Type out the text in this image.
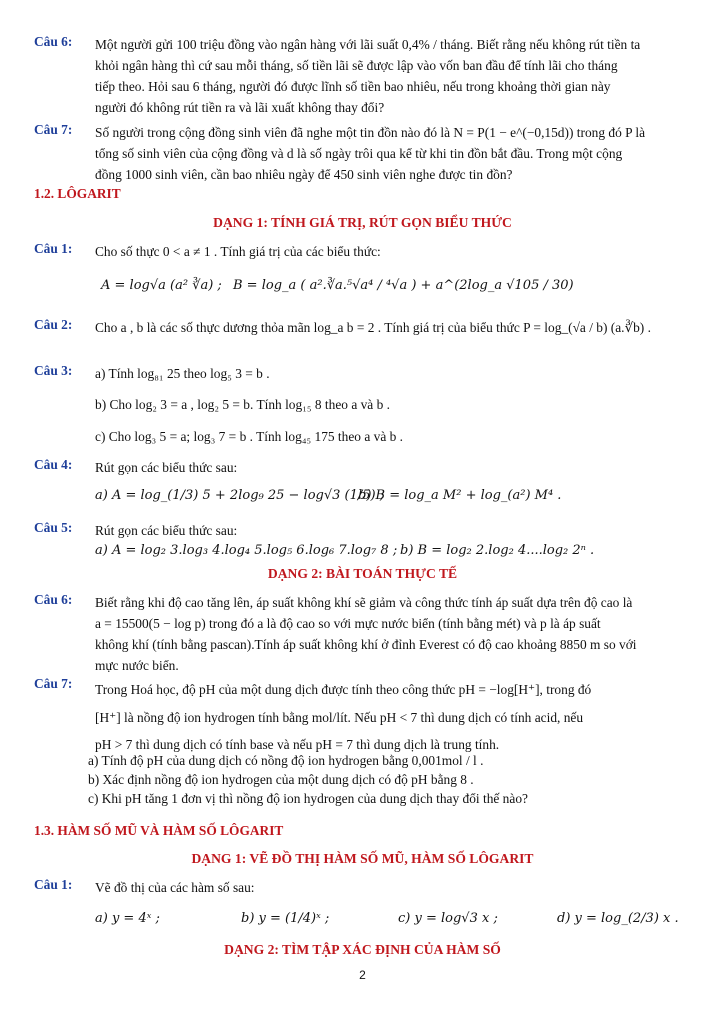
Câu 6: Một người gửi 100 triệu đồng vào ngân hàng với lãi suất 0,4% / tháng. Biết rằng nếu không rút tiền ta
khỏi ngân hàng thì cứ sau mỗi tháng, số tiền lãi sẽ được lập vào vốn ban đầu để tính lãi cho tháng
tiếp theo. Hỏi sau 6 tháng, người đó được lĩnh số tiền bao nhiêu, nếu trong khoảng thời gian này
người đó không rút tiền ra và lãi xuất không thay đổi?
Câu 7: Số người trong cộng đồng sinh viên đã nghe một tin đồn nào đó là N = P(1 − e^(−0,15d)) trong đó P là
tổng số sinh viên của cộng đồng và d là số ngày trôi qua kể từ khi tin đồn bắt đầu. Trong một cộng
đồng 1000 sinh viên, cần bao nhiêu ngày để 450 sinh viên nghe được tin đồn?
1.2. LÔGARIT
DẠNG 1: TÍNH GIÁ TRỊ, RÚT GỌN BIỂU THỨC
Câu 1: Cho số thực 0 < a ≠ 1 . Tính giá trị của các biểu thức:
A = log√a (a² ∛a) ; B = log_a ( a².∛a.⁵√a⁴ / ⁴√a ) + a^(2log_a √105 / 30)
Câu 2: Cho a , b là các số thực dương thỏa mãn log_a b = 2 . Tính giá trị của biểu thức P = log_(√a / b) (a.∛b) .
Câu 3: a) Tính log₈₁ 25 theo log₅ 3 = b .
b) Cho log₂ 3 = a , log₂ 5 = b. Tính log₁₅ 8 theo a và b .
c) Cho log₃ 5 = a; log₃ 7 = b . Tính log₄₅ 175 theo a và b .
Câu 4: Rút gọn các biểu thức sau:
a) A = log_(1/3) 5 + 2log₉ 25 − log√3 (1/5) ;
b) B = log_a M² + log_(a²) M⁴ .
Câu 5: Rút gọn các biểu thức sau:
a) A = log₂ 3.log₃ 4.log₄ 5.log₅ 6.log₆ 7.log₇ 8 ; b) B = log₂ 2.log₂ 4....log₂ 2ⁿ .
DẠNG 2: BÀI TOÁN THỰC TẾ
Câu 6: Biết rằng khi độ cao tăng lên, áp suất không khí sẽ giảm và công thức tính áp suất dựa trên độ cao là
a = 15500(5 − log p) trong đó a là độ cao so với mực nước biển (tính bằng mét) và p là áp suất
không khí (tính bằng pascan).Tính áp suất không khí ở đỉnh Everest có độ cao khoảng 8850 m so với
mực nước biển.
Câu 7: Trong Hoá học, độ pH của một dung dịch được tính theo công thức pH = −log[H⁺], trong đó
[H⁺] là nồng độ ion hydrogen tính bằng mol/lít. Nếu pH < 7 thì dung dịch có tính acid, nếu
pH > 7 thì dung dịch có tính base và nếu pH = 7 thì dung dịch là trung tính.
a) Tính độ pH của dung dịch có nồng độ ion hydrogen bằng 0,001mol / l .
b) Xác định nồng độ ion hydrogen của một dung dịch có độ pH bằng 8 .
c) Khi pH tăng 1 đơn vị thì nồng độ ion hydrogen của dung dịch thay đổi thế nào?
1.3. HÀM SỐ MŨ VÀ HÀM SỐ LÔGARIT
DẠNG 1: VẼ ĐỒ THỊ HÀM SỐ MŨ, HÀM SỐ LÔGARIT
Câu 1: Vẽ đồ thị của các hàm số sau:
a) y = 4ˣ ;	b) y = (1/4)ˣ ;	c) y = log√3 x ;	d) y = log_(2/3) x .
DẠNG 2: TÌM TẬP XÁC ĐỊNH CỦA HÀM SỐ
2
